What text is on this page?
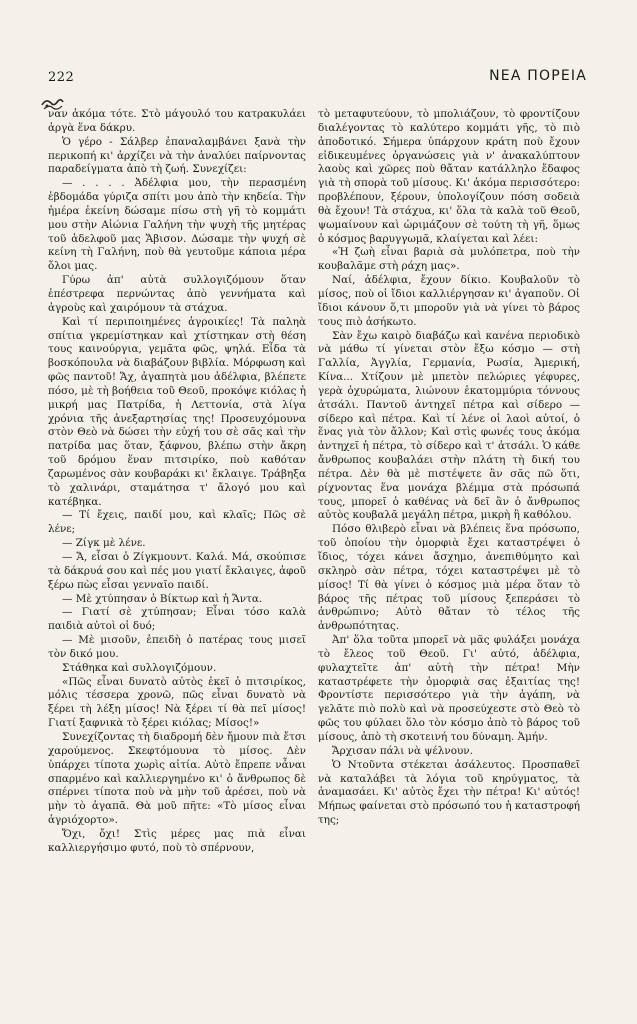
222	ΝΕΑ ΠΟΡΕΙΑ

ναν ἀκόμα τότε. Στὸ μάγουλό του κατρακυλάει ἀργὰ ἕνα δάκρυ.

Ὁ γέρο - Σάλβερ ἐπαναλαμβάνει ξανὰ τὴν περικοπή κι' ἀρχίζει νὰ τὴν ἀναλύει παίρνοντας παραδείγματα ἀπὸ τὴ ζωή. Συνεχίζει:

— . . . . Ἀδέλφια μου, τὴν περασμένη ἑβδομάδα γύριζα σπίτι μου ἀπὸ τὴν κηδεία. Τὴν ἡμέρα ἐκείνη δώσαμε πίσω στὴ γῆ τὸ κομμάτι μου στὴν Αἰώνια Γαλήνη τὴν ψυχὴ τῆς μητέρας τοῦ ἀδελφοῦ μας Ἄβισον. Δώσαμε τὴν ψυχή σὲ κείνη τὴ Γαλήνη, ποὺ θὰ γευτοῦμε κάποια μέρα ὅλοι μας.

Γύρω ἀπ' αὐτὰ συλλογιζόμουν ὅταν ἐπέστρεφα περνώντας ἀπὸ γεννήματα καὶ ἀγροὺς καὶ χαιρόμουν τὰ στάχυα.

Καὶ τί περιποιημένες ἀγροικίες! Τὰ παληὰ σπίτια γκρεμίστηκαν καὶ χτίστηκαν στὴ θέση τους καινούργια, γεμᾶτα φῶς, ψηλά. Εἶδα τὰ βοσκόπουλα νὰ διαβάζουν βιβλία. Μόρφωση καὶ φῶς παντοῦ! Ἄχ, ἀγαπητὰ μου ἀδέλφια, βλέπετε πόσο, μὲ τὴ βοήθεια τοῦ Θεοῦ, προκόψε κιόλας ἡ μικρή μας Πατρίδα, ἡ Λεττονία, στὰ λίγα χρόνια τῆς ἀνεξαρτησίας της! Προσευχόμουνα στὸν Θεὸ νὰ δώσει τὴν εὐχή του σὲ σᾶς καὶ τὴν πατρίδα μας ὅταν, ξάφνου, βλέπω στὴν ἄκρη τοῦ δρόμου ἕναν πιτσιρίκο, ποὺ καθόταν ζαρωμένος σὰν κουβαράκι κι' ἔκλαιγε. Τράβηξα τὸ χαλινάρι, σταμάτησα τ' ἄλογό μου καὶ κατέβηκα.

— Τί ἔχεις, παιδί μου, καὶ κλαῖς; Πῶς σὲ λένε;

— Ζίγκ μὲ λένε.

— Ἄ, εἶσαι ὁ Ζίγκμουντ. Καλά. Μά, σκούπισε τὰ δάκρυά σου καὶ πές μου γιατί ἔκλαιγες, ἀφοῦ ξέρω πὼς εἶσαι γενναῖο παιδί.

— Μὲ χτύπησαν ὁ Βίκτωρ καὶ ἡ Ἄντα.

— Γιατί σὲ χτύπησαν; Εἶναι τόσο καλὰ παιδιὰ αὐτοὶ οἱ δυό;

— Μὲ μισοῦν, ἐπειδὴ ὁ πατέρας τους μισεῖ τὸν δικό μου.

Στάθηκα καὶ συλλογιζόμουν.

«Πῶς εἶναι δυνατὸ αὐτὸς ἐκεῖ ὁ πιτσιρίκος, μόλις τέσσερα χρονῶ, πῶς εἶναι δυνατὸ νὰ ξέρει τὴ λέξη μίσος! Νὰ ξέρει τί θὰ πεῖ μίσος! Γιατί ξαφνικὰ τὸ ξέρει κιόλας; Μίσος!»

Συνεχίζοντας τὴ διαδρομή δὲν ἤμουν πιὰ ἔτσι χαρούμενος. Σκεφτόμουνα τὸ μίσος. Δὲν ὑπάρχει τίποτα χωρὶς αἰτία. Αὐτὸ ἔπρεπε νἆναι σπαρμένο καὶ καλλιεργημένο κι' ὁ ἄνθρωπος δὲ σπέρνει τίποτα ποὺ νὰ μὴν τοῦ ἀρέσει, ποὺ νὰ μὴν τὸ ἀγαπᾶ. Θὰ μοῦ πῆτε: «Τὸ μίσος εἶναι ἀγριόχορτο».

Ὄχι, ὄχι! Στὶς μέρες μας πιὰ εἶναι καλλιεργήσιμο φυτό, ποὺ τὸ σπέρνουν,

τὸ μεταφυτεύουν, τὸ μπολιάζουν, τὸ φροντίζουν διαλέγοντας τὸ καλύτερο κομμάτι γῆς, τὸ πιὸ ἀποδοτικό. Σήμερα ὑπάρχουν κράτη ποὺ ἔχουν εἰδικευμένες ὀργανώσεις γιὰ ν' ἀνακαλύπτουν λαοὺς καὶ χῶρες ποὺ θἄταν κατάλληλο ἔδαφος γιὰ τὴ σπορὰ τοῦ μίσους. Κι' ἀκόμα περισσότερο: προβλέπουν, ξέρουν, ὑπολογίζουν πόση σοδειὰ θὰ ἔχουν! Τὰ στάχυα, κι' ὅλα τὰ καλὰ τοῦ Θεοῦ, ψωμαίνουν καὶ ὡριμάζουν σὲ τούτη τὴ γῆ, ὅμως ὁ κόσμος βαρυγγωμᾶ, κλαίγεται καὶ λέει:

«Ἡ ζωὴ εἶναι βαριὰ σὰ μυλόπετρα, ποὺ τὴν κουβαλᾶμε στὴ ράχη μας».

Ναί, ἀδέλφια, ἔχουν δίκιο. Κουβαλοῦν τὸ μίσος, ποὺ οἱ ἴδιοι καλλιέργησαν κι' ἀγαποῦν. Οἱ ἴδιοι κάνουν ὅ,τι μποροῦν γιὰ νὰ γίνει τὸ βάρος τους πιὸ ἀσήκωτο.

Σὰν ἔχω καιρὸ διαβάζω καὶ κανένα περιοδικὸ νὰ μάθω τί γίνεται στὸν ἔξω κόσμο — στὴ Γαλλία, Ἀγγλία, Γερμανία, Ρωσία, Ἀμερική, Κίνα... Χτίζουν μὲ μπετὸν πελώριες γέφυρες, γερὰ ὀχυρώματα, λιώνουν ἑκατομμύρια τόννους ἀτσάλι. Παντοῦ ἀντηχεῖ πέτρα καὶ σίδερο — σίδερο καὶ πέτρα. Καὶ τί λένε οἱ λαοὶ αὐτοί, ὁ ἕνας γιὰ τὸν ἄλλον; Καὶ στὶς φωνές τους ἀκόμα ἀντηχεῖ ἡ πέτρα, τὸ σίδερο καὶ τ' ἀτσάλι. Ὁ κάθε ἄνθρωπος κουβαλάει στὴν πλάτη τὴ δική του πέτρα. Δὲν θὰ μὲ πιστέψετε ἂν σᾶς πῶ ὅτι, ρίχνοντας ἕνα μονάχα βλέμμα στὰ πρόσωπά τους, μπορεῖ ὁ καθένας νὰ δεῖ ἂν ὁ ἄνθρωπος αὐτὸς κουβαλᾶ μεγάλη πέτρα, μικρὴ ἢ καθόλου.

Πόσο θλιβερὸ εἶναι νὰ βλέπεις ἕνα πρόσωπο, τοῦ ὁποίου τὴν ὀμορφιὰ ἔχει καταστρέψει ὁ ἴδιος, τόχει κάνει ἄσχημο, ἀνεπιθύμητο καὶ σκληρὸ σὰν πέτρα, τόχει καταστρέψει μὲ τὸ μίσος! Τί θὰ γίνει ὁ κόσμος μιὰ μέρα ὅταν τὸ βάρος τῆς πέτρας τοῦ μίσους ξεπεράσει τὸ ἀνθρώπινο; Αὐτὸ θἄταν τὸ τέλος τῆς ἀνθρωπότητας.

Ἀπ' ὅλα τοῦτα μπορεῖ νὰ μᾶς φυλάξει μονάχα τὸ ἔλεος τοῦ Θεοῦ. Γι' αὐτό, ἀδέλφια, φυλαχτεῖτε ἀπ' αὐτὴ τὴν πέτρα! Μὴν καταστρέφετε τὴν ὀμορφιὰ σας ἐξαιτίας της! Φροντίστε περισσότερο γιὰ τὴν ἀγάπη, νὰ γελᾶτε πιὸ πολὺ καὶ νὰ προσεύχεστε στὸ Θεὸ τὸ φῶς του φύλαει ὅλο τὸν κόσμο ἀπὸ τὸ βάρος τοῦ μίσους, ἀπὸ τὴ σκοτεινή του δύναμη. Ἀμήν.

Ἄρχισαν πάλι νὰ ψέλνουν.

Ὁ Ντοῦντα στέκεται ἀσάλευτος. Προσπαθεῖ νὰ καταλάβει τὰ λόγια τοῦ κηρύγματος, τὰ ἀναμασάει. Κι' αὐτὸς ἔχει τὴν πέτρα! Κι' αὐτός! Μήπως φαίνεται στὸ πρόσωπό του ἡ καταστροφή της;
